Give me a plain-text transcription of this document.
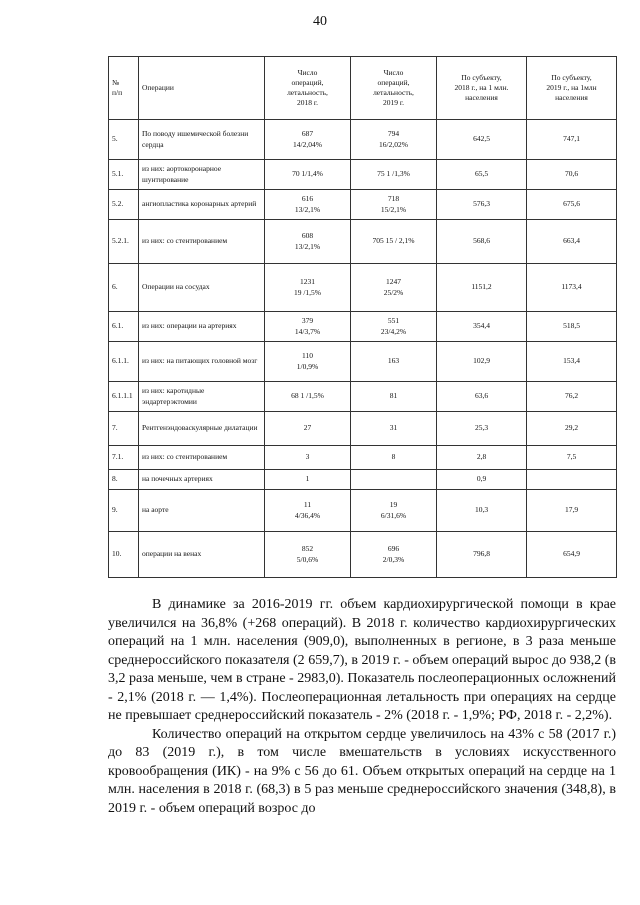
40
№
п/п	Операции	Число
операций,
летальность,
2018 г.	Число
операций,
летальность,
2019 г.	По субъекту,
2018 г., на 1 млн. населения	По субъекту,
2019 г., на 1млн
населения

5.	По поводу ишемической болезни сердца	687
14/2,04%	794
16/2,02%	642,5	747,1
5.1.	из них: аортокоронарное шунтирование	70 1/1,4%	75 1 /1,3%	65,5	70,6
5.2.	ангиопластика коронарных артерий	616
13/2,1%	718
15/2,1%	576,3	675,6
5.2.1.	из них: со стентированием	608
13/2,1%	705 15 / 2,1%	568,6	663,4
6.	Операции на сосудах	1231
19 /1,5%	1247
25/2%	1151,2	1173,4
6.1.	из них: операции на артериях	379
14/3,7%	551
23/4,2%	354,4	518,5
6.1.1.	из них: на питающих головной мозг	110
1/0,9%	163	102,9	153,4
6.1.1.1	из них: каротидные эндартерэктомии	68 1 /1,5%	81	63,6	76,2
7.	Рентгенэндоваскулярные дилатации	27	31	25,3	29,2
7.1.	из них: со стентированием	3	8	2,8	7,5
8.	на почечных артериях	1		0,9	
9.	на аорте	11
4/36,4%	19
6/31,6%	10,3	17,9
10.	операции на венах	852
5/0,6%	696
2/0,3%	796,8	654,9

В динамике за 2016-2019 гг. объем кардиохирургической помощи в крае увеличился на 36,8% (+268 операций). В 2018 г. количество кардиохирургических операций на 1 млн. населения (909,0), выполненных в регионе, в 3 раза меньше среднероссийского показателя (2 659,7), в 2019 г. - объем операций вырос до 938,2 (в 3,2 раза меньше, чем в стране - 2983,0). Показатель послеоперационных осложнений - 2,1% (2018 г. — 1,4%). Послеоперационная летальность при операциях на сердце не превышает среднероссийский показатель - 2% (2018 г. - 1,9%; РФ, 2018 г. - 2,2%).

Количество операций на открытом сердце увеличилось на 43% с 58 (2017 г.) до 83 (2019 г.), в том числе вмешательств в условиях искусственного кровообращения (ИК) - на 9% с 56 до 61. Объем открытых операций на сердце на 1 млн. населения в 2018 г. (68,3) в 5 раз меньше среднероссийского значения (348,8), в 2019 г. - объем операций возрос до
